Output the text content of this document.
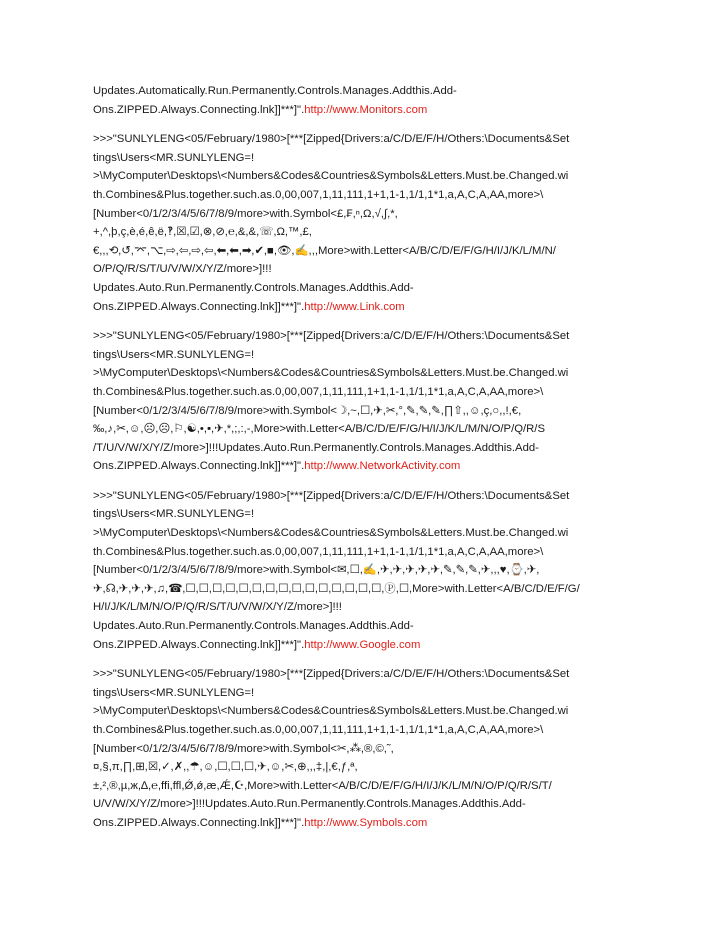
Updates.Automatically.Run.Permanently.Controls.Manages.Addthis.Add-
Ons.ZIPPED.Always.Connecting.lnk]]***]".http://www.Monitors.com

>>>"SUNLYLENG<05/February/1980>[***[Zipped{Drivers:a/C/D/E/F/H/Others:\Documents&Set
tings\Users<MR.SUNLYLENG=!
>\MyComputer\Desktops\<Numbers&Codes&Countries&Symbols&Letters.Must.be.Changed.wi
th.Combines&Plus.together.such.as.0,00,007,1,11,111,1+1,1-1,1/1,1*1,a,A,C,A,AA,more>\
[Number<0/1/2/3/4/5/6/7/8/9/more>with.Symbol<£,₣,ⁿ,Ω,√,∫,*,
+,^,þ,ç,è,é,ê,ë,‽,☒,☑,⊗,⊘,℮,&,&,☏,Ω,™,£,
€,,,⟲,↺,⌤,⌥,⇨,⇦,⇨,⇦,⬅,⬅,➡,✔,■,👁,✍,,,More>with.Letter<A/B/C/D/E/F/G/H/I/J/K/L/M/N/
O/P/Q/R/S/T/U/V/W/X/Y/Z/more>]!!!
Updates.Auto.Run.Permanently.Controls.Manages.Addthis.Add-
Ons.ZIPPED.Always.Connecting.lnk]]***]".http://www.Link.com

>>>"SUNLYLENG<05/February/1980>[***[Zipped{Drivers:a/C/D/E/F/H/Others:\Documents&Set
tings\Users<MR.SUNLYLENG=!
>\MyComputer\Desktops\<Numbers&Codes&Countries&Symbols&Letters.Must.be.Changed.wi
th.Combines&Plus.together.such.as.0,00,007,1,11,111,1+1,1-1,1/1,1*1,a,A,C,A,AA,more>\
[Number<0/1/2/3/4/5/6/7/8/9/more>with.Symbol<☽,~,☐,✈,✂,°,✎,✎,✎,∏⇧,,☺,ç,○,,!,€,
‰,♪,✂,☺,☹,☹,⚐,☯,•,▪,✈,*,;,:,-,More>with.Letter<A/B/C/D/E/F/G/H/I/J/K/L/M/N/O/P/Q/R/S
/T/U/V/W/X/Y/Z/more>]!!!Updates.Auto.Run.Permanently.Controls.Manages.Addthis.Add-
Ons.ZIPPED.Always.Connecting.lnk]]***]".http://www.NetworkActivity.com

>>>"SUNLYLENG<05/February/1980>[***[Zipped{Drivers:a/C/D/E/F/H/Others:\Documents&Set
tings\Users<MR.SUNLYLENG=!
>\MyComputer\Desktops\<Numbers&Codes&Countries&Symbols&Letters.Must.be.Changed.wi
th.Combines&Plus.together.such.as.0,00,007,1,11,111,1+1,1-1,1/1,1*1,a,A,C,A,AA,more>\
[Number<0/1/2/3/4/5/6/7/8/9/more>with.Symbol<✉,☐,✍,✈,✈,✈,✈,✈,✎,✎,✎,✈,,,♥,⌚,✈,
✈,☊,✈,✈,✈,♫,☎,☐,☐,☐,☐,☐,☐,☐,☐,☐,☐,☐,☐,☐,☐,☐,Ⓟ,☐,More>with.Letter<A/B/C/D/E/F/G/
H/I/J/K/L/M/N/O/P/Q/R/S/T/U/V/W/X/Y/Z/more>]!!!
Updates.Auto.Run.Permanently.Controls.Manages.Addthis.Add-
Ons.ZIPPED.Always.Connecting.lnk]]***]".http://www.Google.com

>>>"SUNLYLENG<05/February/1980>[***[Zipped{Drivers:a/C/D/E/F/H/Others:\Documents&Set
tings\Users<MR.SUNLYLENG=!
>\MyComputer\Desktops\<Numbers&Codes&Countries&Symbols&Letters.Must.be.Changed.wi
th.Combines&Plus.together.such.as.0,00,007,1,11,111,1+1,1-1,1/1,1*1,a,A,C,A,AA,more>\
[Number<0/1/2/3/4/5/6/7/8/9/more>with.Symbol<✂,⁂,®,©,˜,
¤,§,π,∏,⊞,☒,✓,✗,,☂,☺,☐,☐,☐,✈,☺,✂,⊕,,,‡,|,€,ƒ,ª,
±,²,®,µ,ж,∆,℮,ffi,ffl,Ǿ,ǿ,æ,Ǽ,☪,More>with.Letter<A/B/C/D/E/F/G/H/I/J/K/L/M/N/O/P/Q/R/S/T/
U/V/W/X/Y/Z/more>]!!!Updates.Auto.Run.Permanently.Controls.Manages.Addthis.Add-
Ons.ZIPPED.Always.Connecting.lnk]]***]".http://www.Symbols.com
